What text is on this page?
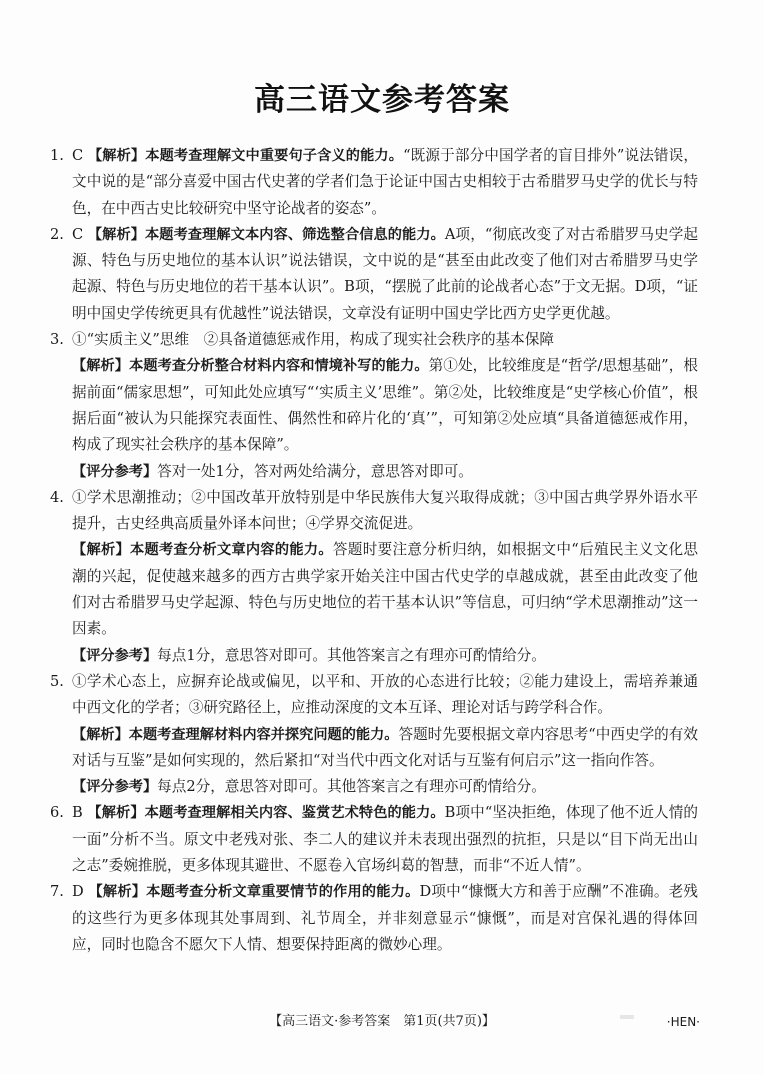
高三语文参考答案
1. C 【解析】本题考查理解文中重要句子含义的能力。“既源于部分中国学者的盲目排外”说法错误，文中说的是“部分喜爱中国古代史著的学者们急于论证中国古史相较于古希腊罗马史学的优长与特色，在中西古史比较研究中坚守论战者的姿态”。
2. C 【解析】本题考查理解文本内容、筛选整合信息的能力。A项，“彻底改变了对古希腊罗马史学起源、特色与历史地位的基本认识”说法错误，文中说的是“甚至由此改变了他们对古希腊罗马史学起源、特色与历史地位的若干基本认识”。B项，“摆脱了此前的论战者心态”于文无据。D项，“证明中国史学传统更具有优越性”说法错误，文章没有证明中国史学比西方史学更优越。
3. ①“实质主义”思维　②具备道德惩戒作用，构成了现实社会秩序的基本保障
【解析】本题考查分析整合材料内容和情境补写的能力。第①处，比较维度是“哲学/思想基础”，根据前面“儒家思想”，可知此处应填写“‘实质主义’思维”。第②处，比较维度是“史学核心价值”，根据后面“被认为只能探究表面性、偶然性和碎片化的‘真’”，可知第②处应填“具备道德惩戒作用，构成了现实社会秩序的基本保障”。
【评分参考】答对一处1分，答对两处给满分，意思答对即可。
4. ①学术思潮推动；②中国改革开放特别是中华民族伟大复兴取得成就；③中国古典学界外语水平提升，古史经典高质量外译本问世；④学界交流促进。
【解析】本题考查分析文章内容的能力。答题时要注意分析归纳，如根据文中“后殖民主义文化思潮的兴起，促使越来越多的西方古典学家开始关注中国古代史学的卓越成就，甚至由此改变了他们对古希腊罗马史学起源、特色与历史地位的若干基本认识”等信息，可归纳“学术思潮推动”这一因素。
【评分参考】每点1分，意思答对即可。其他答案言之有理亦可酌情给分。
5. ①学术心态上，应摒弃论战或偏见，以平和、开放的心态进行比较；②能力建设上，需培养兼通中西文化的学者；③研究路径上，应推动深度的文本互译、理论对话与跨学科合作。
【解析】本题考查理解材料内容并探究问题的能力。答题时先要根据文章内容思考“中西史学的有效对话与互鉴”是如何实现的，然后紧扣“对当代中西文化对话与互鉴有何启示”这一指向作答。
【评分参考】每点2分，意思答对即可。其他答案言之有理亦可酌情给分。
6. B 【解析】本题考查理解相关内容、鉴赏艺术特色的能力。B项中“坚决拒绝，体现了他不近人情的一面”分析不当。原文中老残对张、李二人的建议并未表现出强烈的抗拒，只是以“目下尚无出山之志”委婉推脱，更多体现其避世、不愿卷入官场纠葛的智慧，而非“不近人情”。
7. D 【解析】本题考查分析文章重要情节的作用的能力。D项中“慷慨大方和善于应酬”不准确。老残的这些行为更多体现其处事周到、礼节周全，并非刻意显示“慷慨”，而是对宫保礼遇的得体回应，同时也隐含不愿欠下人情、想要保持距离的微妙心理。
【高三语文·参考答案　第1页(共7页)】	·HEN·
